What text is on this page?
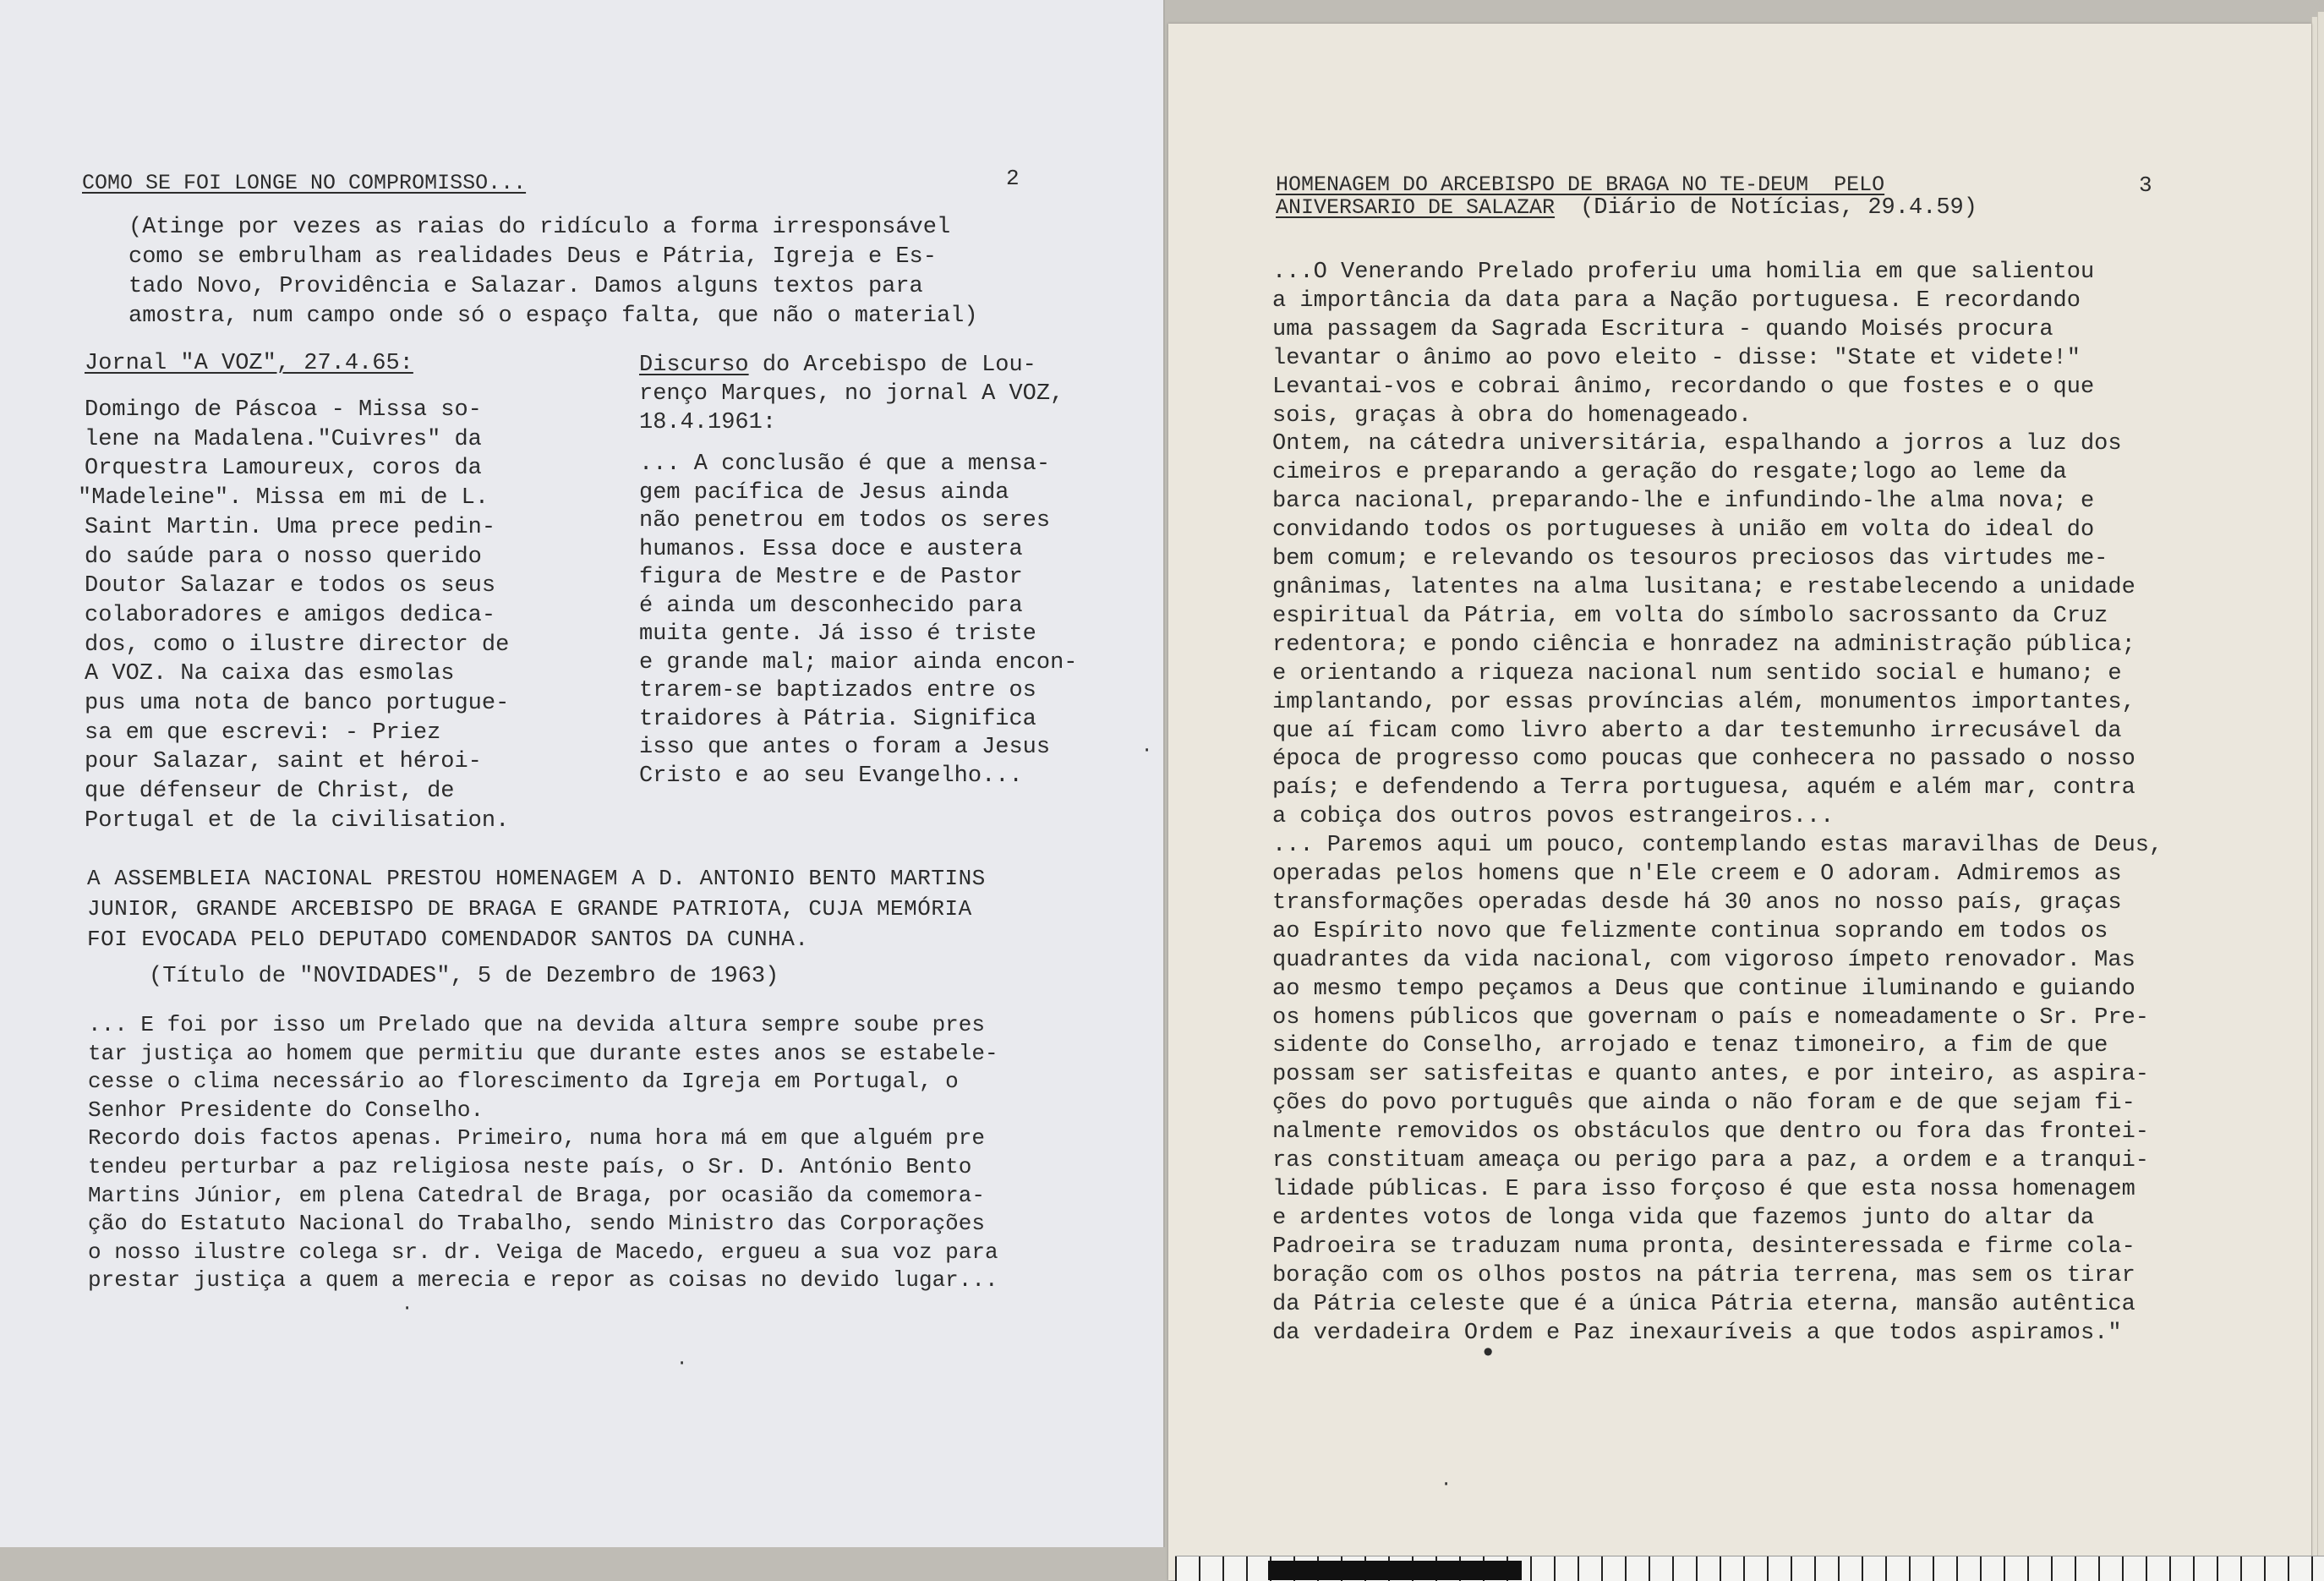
COMO SE FOI LONGE NO COMPROMISSO...	2
(Atinge por vezes as raias do ridículo a forma irresponsável
como se embrulham as realidades Deus e Pátria, Igreja e Es-
tado Novo, Providência e Salazar. Damos alguns textos para
amostra, num campo onde só o espaço falta, que não o material)
Jornal "A VOZ", 27.4.65:
Domingo de Páscoa - Missa so-
lene na Madalena."Cuivres" da
Orquestra Lamoureux, coros da
"Madeleine". Missa em mi de L.
Saint Martin. Uma prece pedin-
do saúde para o nosso querido
Doutor Salazar e todos os seus
colaboradores e amigos dedica-
dos, como o ilustre director de
A VOZ. Na caixa das esmolas
pus uma nota de banco portugue-
sa em que escrevi: - Priez
pour Salazar, saint et héroi-
que défenseur de Christ, de
Portugal et de la civilisation.
Discurso do Arcebispo de Lou-
renço Marques, no jornal A VOZ,
18.4.1961:
... A conclusão é que a mensa-
gem pacífica de Jesus ainda
não penetrou em todos os seres
humanos. Essa doce e austera
figura de Mestre e de Pastor
é ainda um desconhecido para
muita gente. Já isso é triste
e grande mal; maior ainda encon-
trarem-se baptizados entre os
traidores à Pátria. Significa
isso que antes o foram a Jesus
Cristo e ao seu Evangelho...
A ASSEMBLEIA NACIONAL PRESTOU HOMENAGEM A D. ANTONIO BENTO MARTINS
JUNIOR, GRANDE ARCEBISPO DE BRAGA E GRANDE PATRIOTA, CUJA MEMÓRIA
FOI EVOCADA PELO DEPUTADO COMENDADOR SANTOS DA CUNHA.
(Título de "NOVIDADES", 5 de Dezembro de 1963)
... E foi por isso um Prelado que na devida altura sempre soube pres
tar justiça ao homem que permitiu que durante estes anos se estabele-
cesse o clima necessário ao florescimento da Igreja em Portugal, o
Senhor Presidente do Conselho.
Recordo dois factos apenas. Primeiro, numa hora má em que alguém pre
tendeu perturbar a paz religiosa neste país, o Sr. D. António Bento
Martins Júnior, em plena Catedral de Braga, por ocasião da comemora-
ção do Estatuto Nacional do Trabalho, sendo Ministro das Corporações
o nosso ilustre colega sr. dr. Veiga de Macedo, ergueu a sua voz para
prestar justiça a quem a merecia e repor as coisas no devido lugar...
·
·
·
HOMENAGEM DO ARCEBISPO DE BRAGA NO TE-DEUM  PELO
ANIVERSARIO DE SALAZAR (Diário de Notícias, 29.4.59)
3
...O Venerando Prelado proferiu uma homilia em que salientou
a importância da data para a Nação portuguesa. E recordando
uma passagem da Sagrada Escritura - quando Moisés procura
levantar o ânimo ao povo eleito - disse: "State et videte!"
Levantai-vos e cobrai ânimo, recordando o que fostes e o que
sois, graças à obra do homenageado.
Ontem, na cátedra universitária, espalhando a jorros a luz dos
cimeiros e preparando a geração do resgate;logo ao leme da
barca nacional, preparando-lhe e infundindo-lhe alma nova; e
convidando todos os portugueses à união em volta do ideal do
bem comum; e relevando os tesouros preciosos das virtudes me-
gnânimas, latentes na alma lusitana; e restabelecendo a unidade
espiritual da Pátria, em volta do símbolo sacrossanto da Cruz
redentora; e pondo ciência e honradez na administração pública;
e orientando a riqueza nacional num sentido social e humano; e
implantando, por essas províncias além, monumentos importantes,
que aí ficam como livro aberto a dar testemunho irrecusável da
época de progresso como poucas que conhecera no passado o nosso
país; e defendendo a Terra portuguesa, aquém e além mar, contra
a cobiça dos outros povos estrangeiros...
... Paremos aqui um pouco, contemplando estas maravilhas de Deus,
operadas pelos homens que n'Ele creem e O adoram. Admiremos as
transformações operadas desde há 30 anos no nosso país, graças
ao Espírito novo que felizmente continua soprando em todos os
quadrantes da vida nacional, com vigoroso ímpeto renovador. Mas
ao mesmo tempo peçamos a Deus que continue iluminando e guiando
os homens públicos que governam o país e nomeadamente o Sr. Pre-
sidente do Conselho, arrojado e tenaz timoneiro, a fim de que
possam ser satisfeitas e quanto antes, e por inteiro, as aspira-
ções do povo português que ainda o não foram e de que sejam fi-
nalmente removidos os obstáculos que dentro ou fora das frontei-
ras constituam ameaça ou perigo para a paz, a ordem e a tranqui-
lidade públicas. E para isso forçoso é que esta nossa homenagem
e ardentes votos de longa vida que fazemos junto do altar da
Padroeira se traduzam numa pronta, desinteressada e firme cola-
boração com os olhos postos na pátria terrena, mas sem os tirar
da Pátria celeste que é a única Pátria eterna, mansão autêntica
da verdadeira Ordem e Paz inexauríveis a que todos aspiramos."
•
·
